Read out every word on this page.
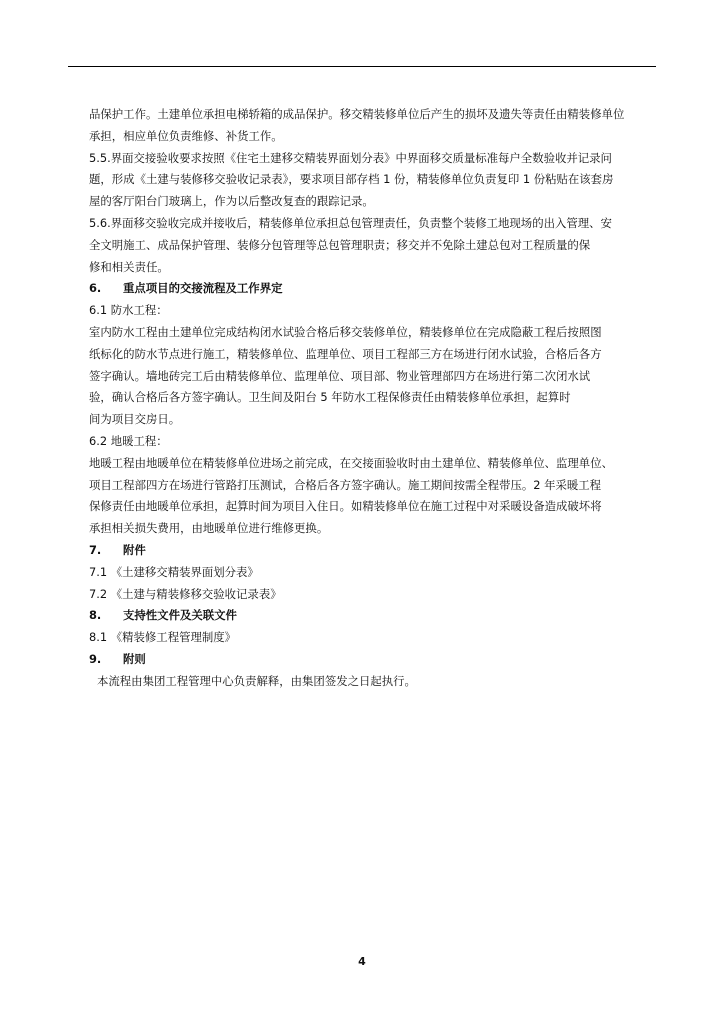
品保护工作。土建单位承担电梯轿箱的成品保护。移交精装修单位后产生的损坏及遗失等责任由精装修单位
承担，相应单位负责维修、补货工作。
5.5.界面交接验收要求按照《住宅土建移交精装界面划分表》中界面移交质量标准每户全数验收并记录问
题，形成《土建与装修移交验收记录表》，要求项目部存档 1 份，精装修单位负责复印 1 份粘贴在该套房
屋的客厅阳台门玻璃上，作为以后整改复查的跟踪记录。
5.6.界面移交验收完成并接收后，精装修单位承担总包管理责任，负责整个装修工地现场的出入管理、安
全文明施工、成品保护管理、装修分包管理等总包管理职责；移交并不免除土建总包对工程质量的保
修和相关责任。
6. 重点项目的交接流程及工作界定
6.1 防水工程：
室内防水工程由土建单位完成结构闭水试验合格后移交装修单位，精装修单位在完成隐蔽工程后按照图
纸标化的防水节点进行施工，精装修单位、监理单位、项目工程部三方在场进行闭水试验，合格后各方
签字确认。墙地砖完工后由精装修单位、监理单位、项目部、物业管理部四方在场进行第二次闭水试
验，确认合格后各方签字确认。卫生间及阳台 5 年防水工程保修责任由精装修单位承担，起算时
间为项目交房日。
6.2 地暖工程：
地暖工程由地暖单位在精装修单位进场之前完成，在交接面验收时由土建单位、精装修单位、监理单位、
项目工程部四方在场进行管路打压测试，合格后各方签字确认。施工期间按需全程带压。2 年采暖工程
保修责任由地暖单位承担，起算时间为项目入住日。如精装修单位在施工过程中对采暖设备造成破坏将
承担相关损失费用，由地暖单位进行维修更换。
7. 附件
7.1 《土建移交精装界面划分表》
7.2 《土建与精装修移交验收记录表》
8. 支持性文件及关联文件
8.1 《精装修工程管理制度》
9. 附则
本流程由集团工程管理中心负责解释，由集团签发之日起执行。
4
